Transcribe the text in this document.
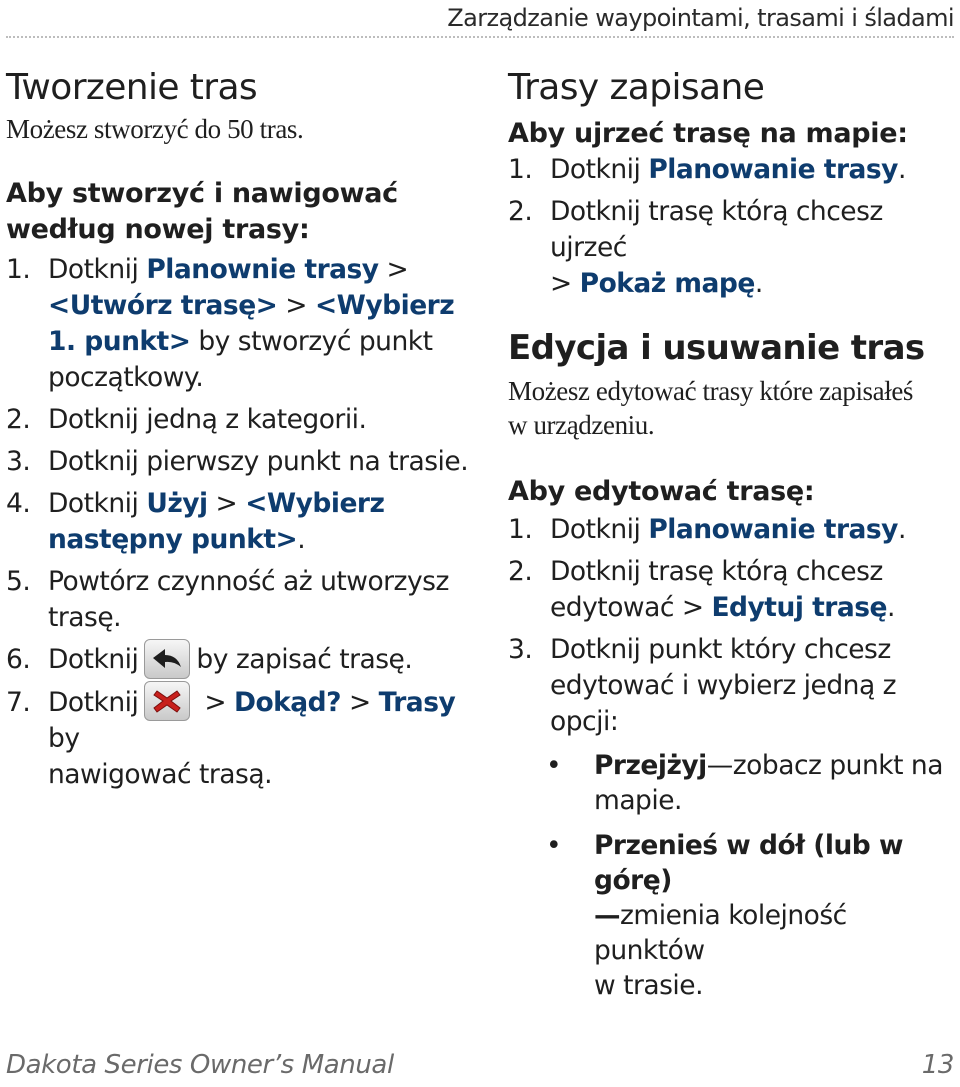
Zarządzanie waypointami, trasami i śladami
Tworzenie tras

Możesz stworzyć do 50 tras.

Aby stworzyć i nawigować
według nowej trasy:
1. Dotknij Planownie trasy >
<Utwórz trasę> > <Wybierz
1. punkt> by stworzyć punkt
początkowy.
2. Dotknij jedną z kategorii.
3. Dotknij pierwszy punkt na trasie.
4. Dotknij Użyj > <Wybierz
następny punkt>.
5. Powtórz czynność aż utworzysz
trasę.
6. Dotknij by zapisać trasę.
7. Dotknij > Dokąd? > Trasy by
nawigować trasą.
Trasy zapisane
Aby ujrzeć trasę na mapie:
1. Dotknij Planowanie trasy.
2. Dotknij trasę którą chcesz ujrzeć
> Pokaż mapę.
Edycja i usuwanie tras

Możesz edytować trasy które zapisałeś
w urządzeniu.

Aby edytować trasę:
1. Dotknij Planowanie trasy.
2. Dotknij trasę którą chcesz
edytować > Edytuj trasę.
3. Dotknij punkt który chcesz
edytować i wybierz jedną z opcji:
• Przejżyj—zobacz punkt na
mapie.
• Przenieś w dół (lub w górę)
—zmienia kolejność punktów
w trasie.
Dakota Series Owner’s Manual	13
